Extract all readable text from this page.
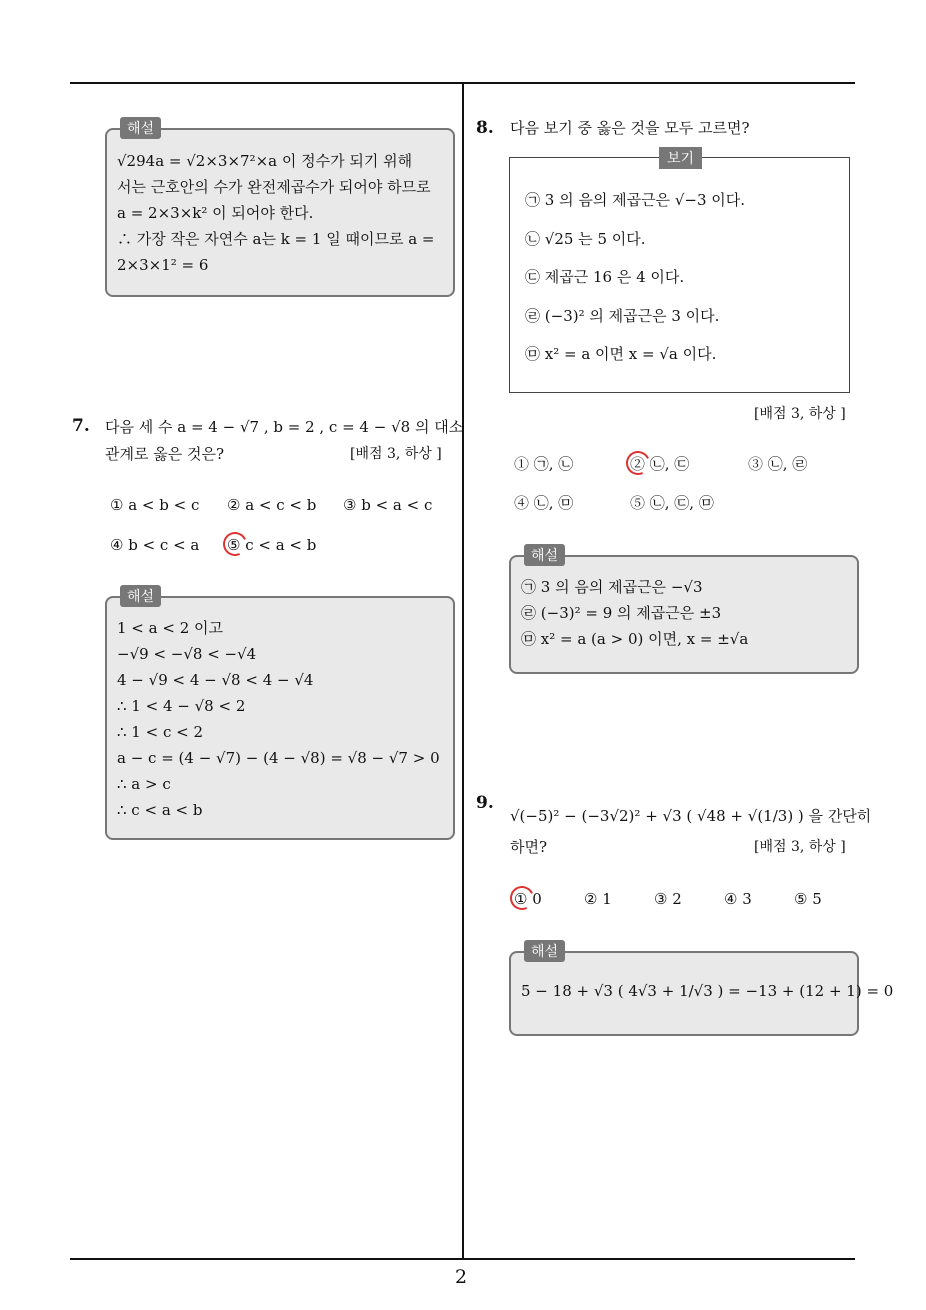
2
해설
√294a = √2×3×7²×a 이 정수가 되기 위해
서는 근호안의 수가 완전제곱수가 되어야 하므로
a = 2×3×k² 이 되어야 한다.
∴ 가장 작은 자연수 a는 k = 1 일 때이므로 a =
2×3×1² = 6
7. 다음 세 수 a = 4 − √7 , b = 2 , c = 4 − √8 의 대소
관계로 옳은 것은?	[배점 3, 하상 ]
① a < b < c ② a < c < b ③ b < a < c
④ b < c < a ⑤ c < a < b
해설
1 < a < 2 이고
−√9 < −√8 < −√4
4 − √9 < 4 − √8 < 4 − √4
∴ 1 < 4 − √8 < 2
∴ 1 < c < 2
a − c = (4 − √7) − (4 − √8) = √8 − √7 > 0
∴ a > c
∴ c < a < b
8. 다음 보기 중 옳은 것을 모두 고르면?
보기
㉠ 3 의 음의 제곱근은 √−3 이다.
㉡ √25 는 5 이다.
㉢ 제곱근 16 은 4 이다.
㉣ (−3)² 의 제곱근은 3 이다.
㉤ x² = a 이면 x = √a 이다.
[배점 3, 하상 ]
① ㉠, ㉡	② ㉡, ㉢	③ ㉡, ㉣
④ ㉡, ㉤	⑤ ㉡, ㉢, ㉤
해설
㉠ 3 의 음의 제곱근은 −√3
㉣ (−3)² = 9 의 제곱근은 ±3
㉤ x² = a (a > 0) 이면, x = ±√a
9.
√(−5)² − (−3√2)² + √3 ( √48 + √(1/3) ) 을 간단히
하면?	[배점 3, 하상 ]
① 0	② 1	③ 2	④ 3	⑤ 5
해설
5 − 18 + √3 ( 4√3 + 1/√3 ) = −13 + (12 + 1) = 0
